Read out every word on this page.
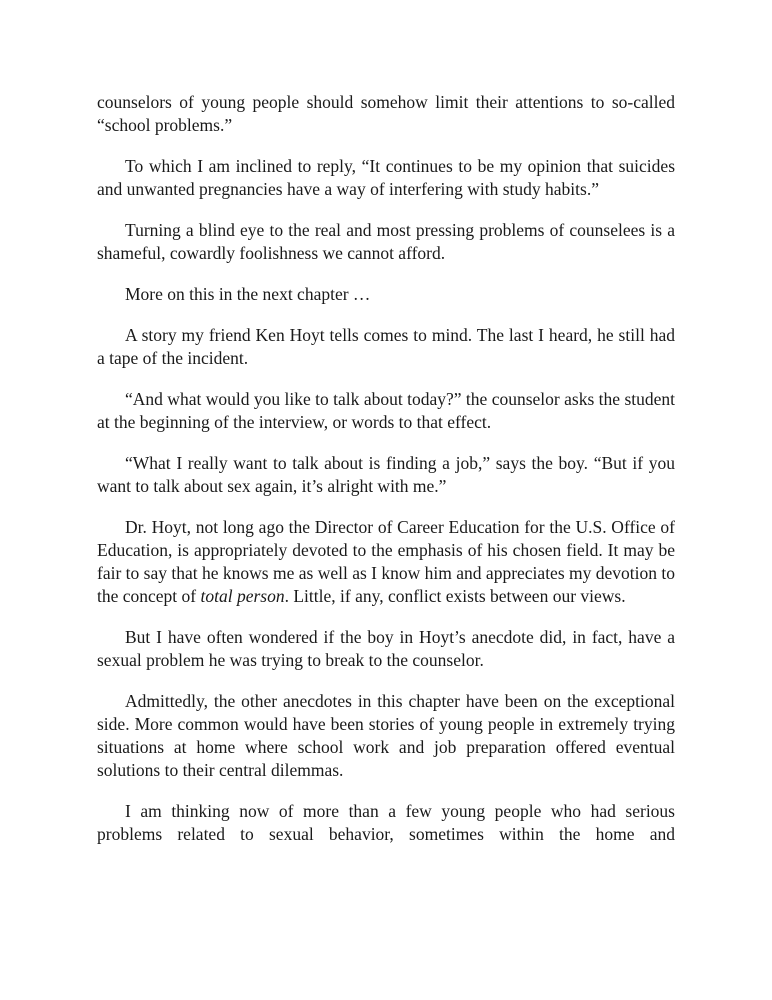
counselors of young people should somehow limit their attentions to so-called “school problems.”

To which I am inclined to reply, “It continues to be my opinion that suicides and unwanted pregnancies have a way of interfering with study habits.”

Turning a blind eye to the real and most pressing problems of counselees is a shameful, cowardly foolishness we cannot afford.

More on this in the next chapter …

A story my friend Ken Hoyt tells comes to mind. The last I heard, he still had a tape of the incident.

“And what would you like to talk about today?” the counselor asks the student at the beginning of the interview, or words to that effect.

“What I really want to talk about is finding a job,” says the boy. “But if you want to talk about sex again, it’s alright with me.”

Dr. Hoyt, not long ago the Director of Career Education for the U.S. Office of Education, is appropriately devoted to the emphasis of his chosen field. It may be fair to say that he knows me as well as I know him and appreciates my devotion to the concept of total person. Little, if any, conflict exists between our views.

But I have often wondered if the boy in Hoyt’s anecdote did, in fact, have a sexual problem he was trying to break to the counselor.

Admittedly, the other anecdotes in this chapter have been on the exceptional side. More common would have been stories of young people in extremely trying situations at home where school work and job preparation offered eventual solutions to their central dilemmas.

I am thinking now of more than a few young people who had serious problems related to sexual behavior, sometimes within the home and
